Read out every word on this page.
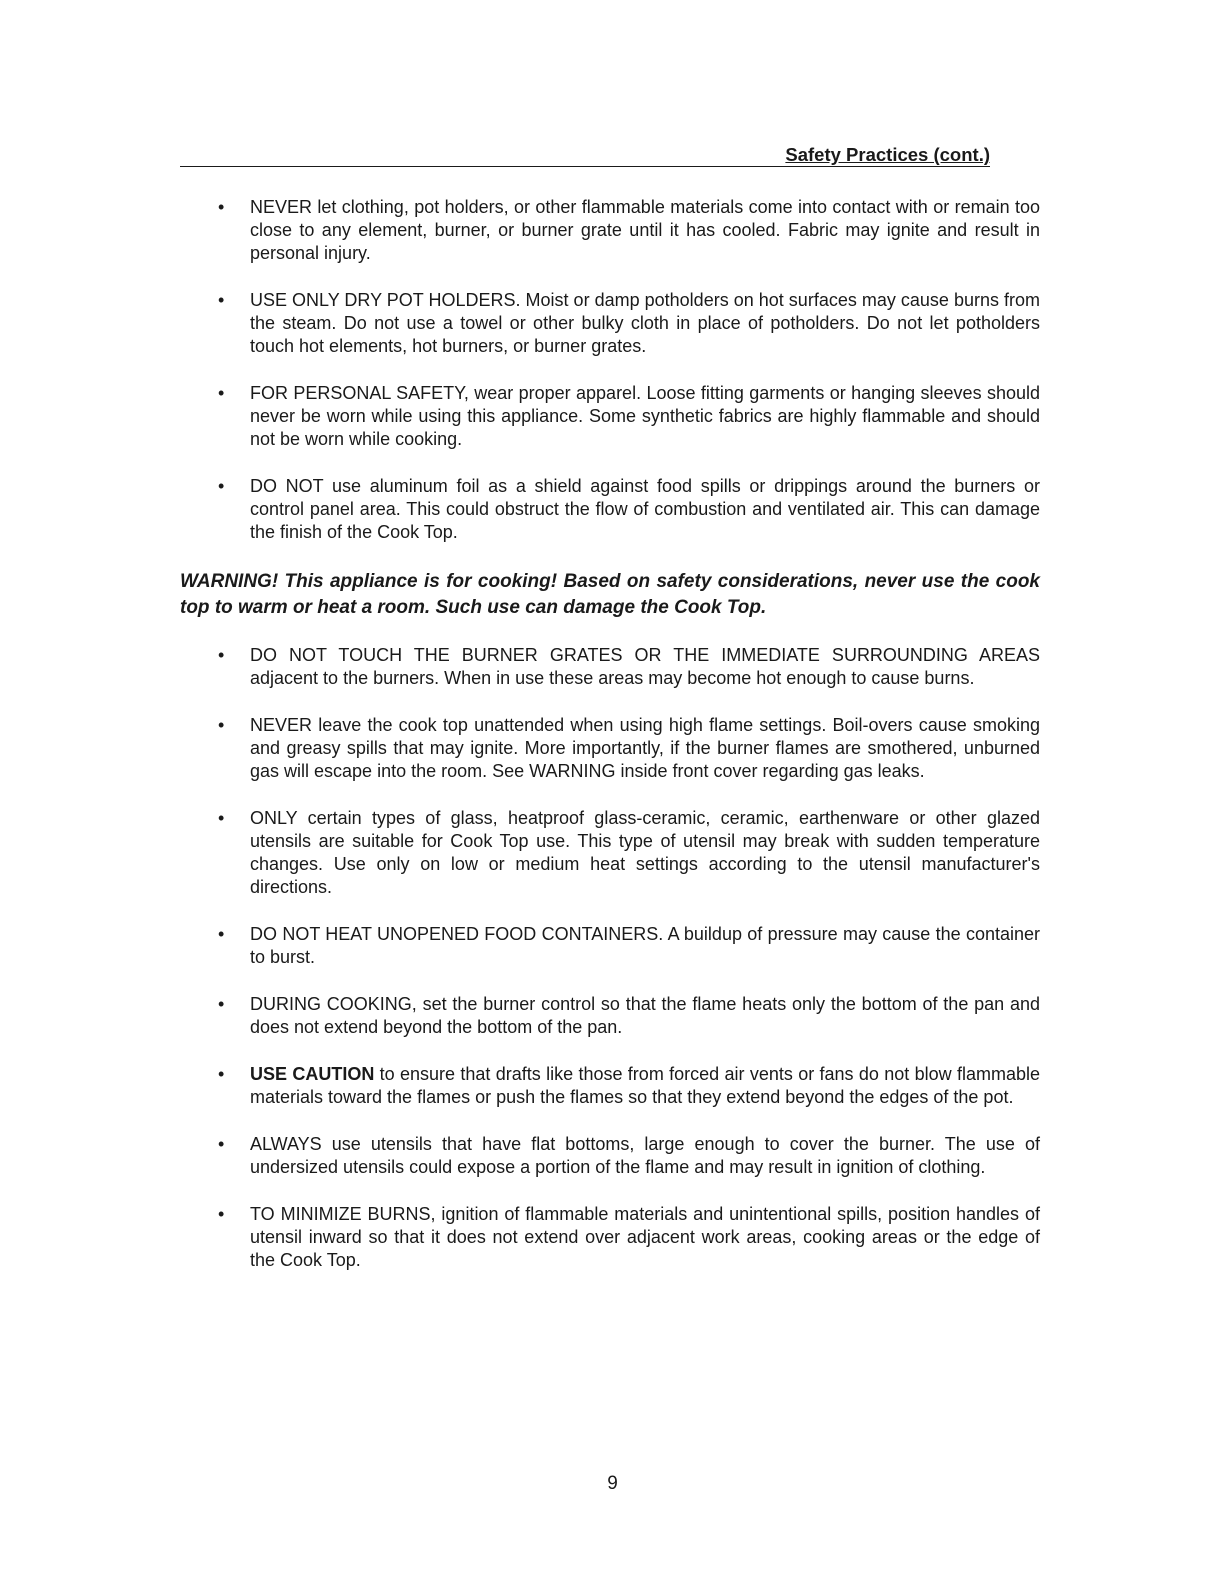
Safety Practices (cont.)
• NEVER let clothing, pot holders, or other flammable materials come into contact with or remain too close to any element, burner, or burner grate until it has cooled. Fabric may ignite and result in personal injury.
• USE ONLY DRY POT HOLDERS. Moist or damp potholders on hot surfaces may cause burns from the steam. Do not use a towel or other bulky cloth in place of potholders. Do not let potholders touch hot elements, hot burners, or burner grates.
• FOR PERSONAL SAFETY, wear proper apparel. Loose fitting garments or hanging sleeves should never be worn while using this appliance. Some synthetic fabrics are highly flammable and should not be worn while cooking.
• DO NOT use aluminum foil as a shield against food spills or drippings around the burners or control panel area. This could obstruct the flow of combustion and ventilated air. This can damage the finish of the Cook Top.
WARNING! This appliance is for cooking! Based on safety considerations, never use the cook top to warm or heat a room. Such use can damage the Cook Top.
• DO NOT TOUCH THE BURNER GRATES OR THE IMMEDIATE SURROUNDING AREAS adjacent to the burners. When in use these areas may become hot enough to cause burns.
• NEVER leave the cook top unattended when using high flame settings. Boil-overs cause smoking and greasy spills that may ignite. More importantly, if the burner flames are smothered, unburned gas will escape into the room. See WARNING inside front cover regarding gas leaks.
• ONLY certain types of glass, heatproof glass-ceramic, ceramic, earthenware or other glazed utensils are suitable for Cook Top use. This type of utensil may break with sudden temperature changes. Use only on low or medium heat settings according to the utensil manufacturer's directions.
• DO NOT HEAT UNOPENED FOOD CONTAINERS. A buildup of pressure may cause the container to burst.
• DURING COOKING, set the burner control so that the flame heats only the bottom of the pan and does not extend beyond the bottom of the pan.
• USE CAUTION to ensure that drafts like those from forced air vents or fans do not blow flammable materials toward the flames or push the flames so that they extend beyond the edges of the pot.
• ALWAYS use utensils that have flat bottoms, large enough to cover the burner. The use of undersized utensils could expose a portion of the flame and may result in ignition of clothing.
• TO MINIMIZE BURNS, ignition of flammable materials and unintentional spills, position handles of utensil inward so that it does not extend over adjacent work areas, cooking areas or the edge of the Cook Top.
9
